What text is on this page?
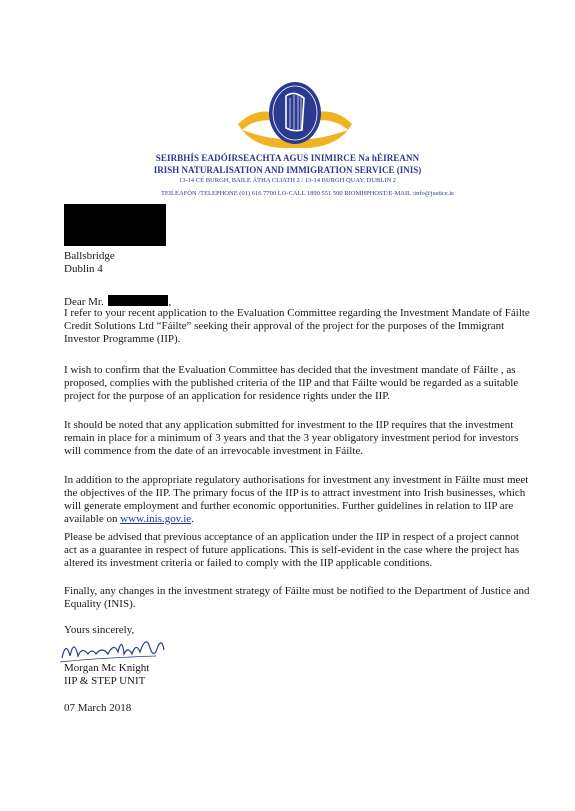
SEIRBHÍS EADÓIRSEACHTA AGUS INIMIRCE Na hÉIREANN
IRISH NATURALISATION AND IMMIGRATION SERVICE (INIS)
13-14 CÉ BURGH, BAILE ÁTHA CLIATH 2 / 13-14 BURGH QUAY, DUBLIN 2
TEILEAFÓN /TELEPHONE (01) 616 7700 LO-CALL 1890 551 500 RIOMHPHOST/E-MAIL :info@justice.ie
Ballsbridge
Dublin 4
Dear Mr.	,

I refer to your recent application to the Evaluation Committee regarding the Investment Mandate of Fáilte Credit Solutions Ltd “Fáilte” seeking their approval of the project for the purposes of the Immigrant Investor Programme (IIP).

I wish to confirm that the Evaluation Committee has decided that the investment mandate of Fáilte , as proposed, complies with the published criteria of the IIP and that Fáilte would be regarded as a suitable project for the purpose of an application for residence rights under the IIP.

It should be noted that any application submitted for investment to the IIP requires that the investment remain in place for a minimum of 3 years and that the 3 year obligatory investment period for investors will commence from the date of an irrevocable investment in Fáilte.

In addition to the appropriate regulatory authorisations for investment any investment in Fáilte must meet the objectives of the IIP. The primary focus of the IIP is to attract investment into Irish businesses, which will generate employment and further economic opportunities. Further guidelines in relation to IIP are available on www.inis.gov.ie.

Please be advised that previous acceptance of an application under the IIP in respect of a project cannot act as a guarantee in respect of future applications. This is self-evident in the case where the project has altered its investment criteria or failed to comply with the IIP applicable conditions.

Finally, any changes in the investment strategy of Fáilte must be notified to the Department of Justice and Equality (INIS).

Yours sincerely,
Morgan Mc Knight
IIP & STEP UNIT
07 March 2018
